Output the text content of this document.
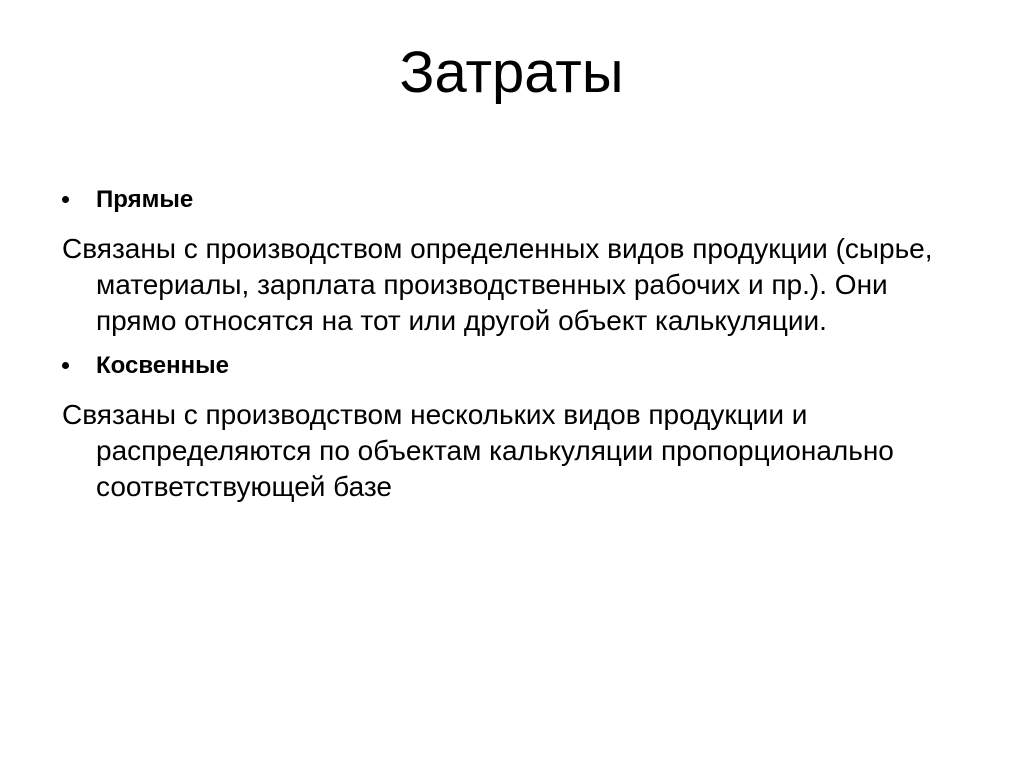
Затраты
Прямые
Связаны с производством определенных видов продукции (сырье, материалы, зарплата производственных рабочих и пр.). Они прямо относятся на тот или другой объект калькуляции.
Косвенные
Связаны с производством нескольких видов продукции и распределяются по объектам калькуляции пропорционально соответствующей базе
